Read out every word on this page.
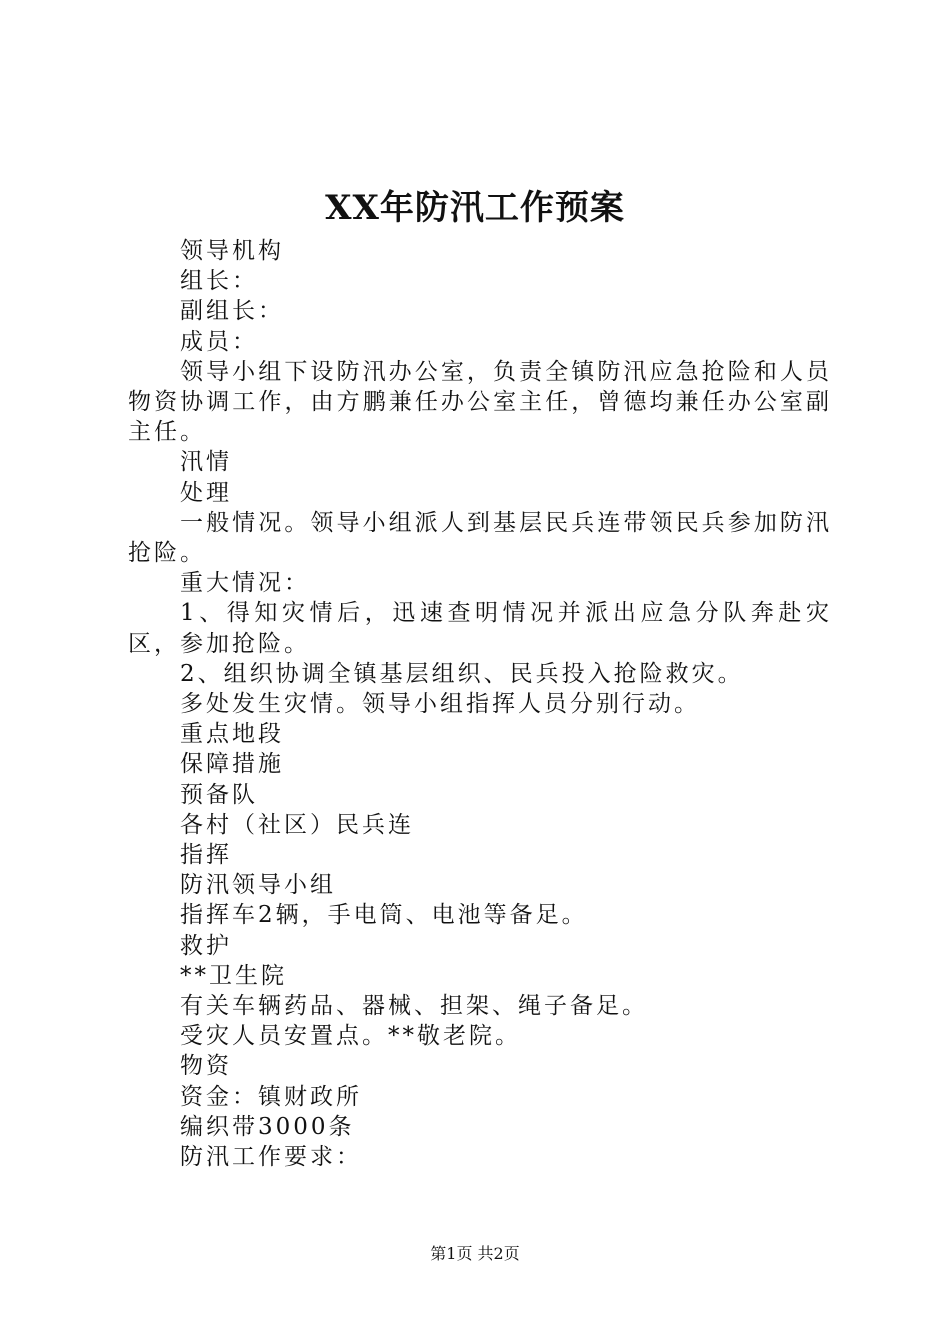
XX年防汛工作预案

领导机构

组长：

副组长：

成员：

领导小组下设防汛办公室，负责全镇防汛应急抢险和人员物资协调工作，由方鹏兼任办公室主任，曾德均兼任办公室副主任。

汛情

处理

一般情况。领导小组派人到基层民兵连带领民兵参加防汛抢险。

重大情况：

1、得知灾情后，迅速查明情况并派出应急分队奔赴灾区，参加抢险。

2、组织协调全镇基层组织、民兵投入抢险救灾。

多处发生灾情。领导小组指挥人员分别行动。

重点地段

保障措施

预备队

各村（社区）民兵连

指挥

防汛领导小组

指挥车2辆，手电筒、电池等备足。

救护

**卫生院

有关车辆药品、器械、担架、绳子备足。

受灾人员安置点。**敬老院。

物资

资金：镇财政所

编织带3000条

防汛工作要求：

第1页 共2页
